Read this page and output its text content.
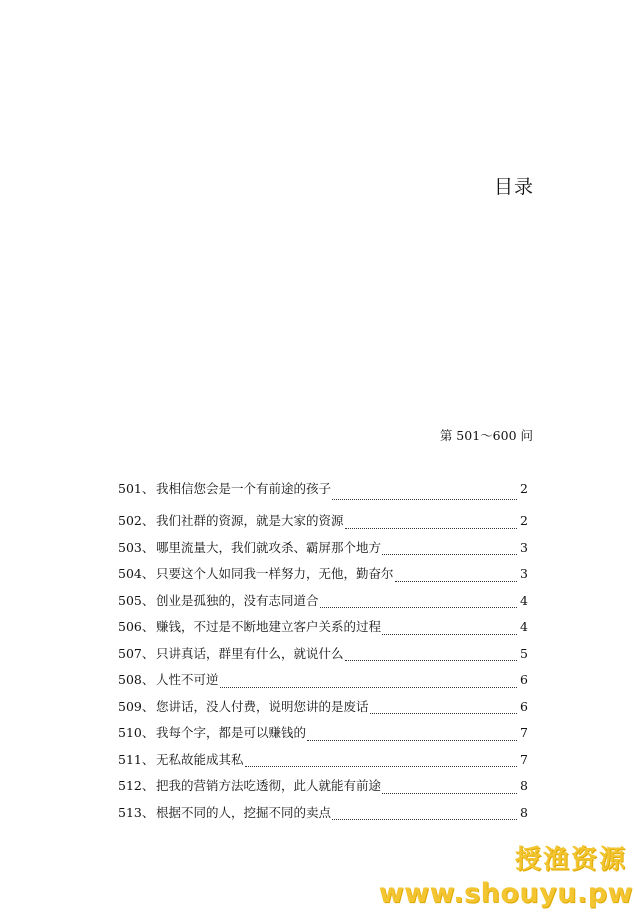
目录
第 501～600 问
501、 我相信您会是一个有前途的孩子	2
502、 我们社群的资源，就是大家的资源	2
503、 哪里流量大，我们就攻杀、霸屏那个地方	3
504、 只要这个人如同我一样努力，无他，勤奋尔	3
505、 创业是孤独的，没有志同道合	4
506、 赚钱，不过是不断地建立客户关系的过程	4
507、 只讲真话，群里有什么，就说什么	5
508、 人性不可逆	6
509、 您讲话，没人付费，说明您讲的是废话	6
510、 我每个字，都是可以赚钱的	7
511、 无私故能成其私	7
512、 把我的营销方法吃透彻，此人就能有前途	8
513、 根据不同的人，挖掘不同的卖点	8
授渔资源
www.shouyu.pw
